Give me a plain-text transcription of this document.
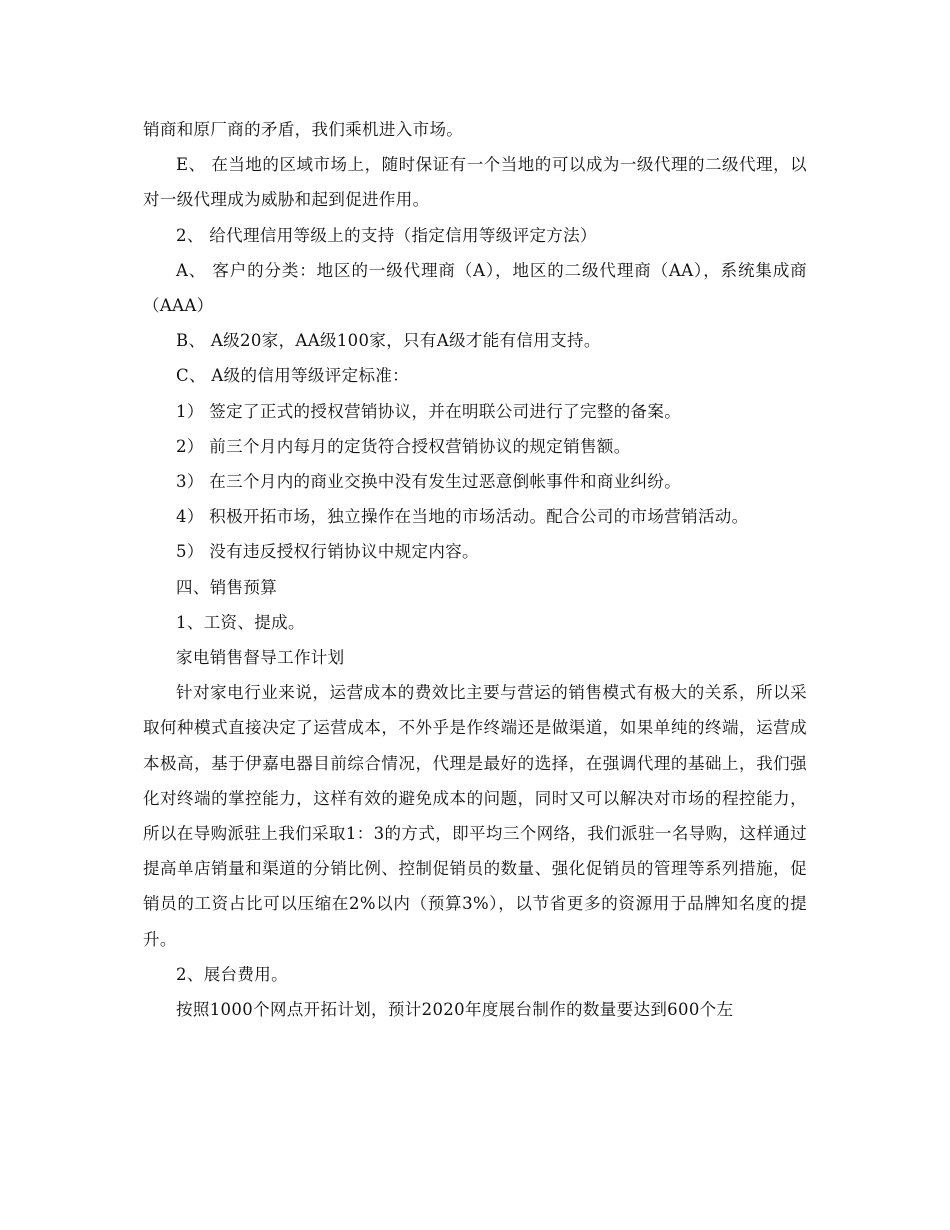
销商和原厂商的矛盾，我们乘机进入市场。

E、 在当地的区域市场上，随时保证有一个当地的可以成为一级代理的二级代理，以对一级代理成为威胁和起到促进作用。

2、 给代理信用等级上的支持（指定信用等级评定方法）

A、 客户的分类：地区的一级代理商（A），地区的二级代理商（AA），系统集成商（AAA）

B、 A级20家，AA级100家，只有A级才能有信用支持。

C、 A级的信用等级评定标准：

1） 签定了正式的授权营销协议，并在明联公司进行了完整的备案。

2） 前三个月内每月的定货符合授权营销协议的规定销售额。

3） 在三个月内的商业交换中没有发生过恶意倒帐事件和商业纠纷。

4） 积极开拓市场，独立操作在当地的市场活动。配合公司的市场营销活动。

5） 没有违反授权行销协议中规定内容。

四、销售预算

1、工资、提成。

家电销售督导工作计划

针对家电行业来说，运营成本的费效比主要与营运的销售模式有极大的关系，所以采取何种模式直接决定了运营成本，不外乎是作终端还是做渠道，如果单纯的终端，运营成本极高，基于伊嘉电器目前综合情况，代理是最好的选择，在强调代理的基础上，我们强化对终端的掌控能力，这样有效的避免成本的问题，同时又可以解决对市场的程控能力，所以在导购派驻上我们采取1：3的方式，即平均三个网络，我们派驻一名导购，这样通过提高单店销量和渠道的分销比例、控制促销员的数量、强化促销员的管理等系列措施，促销员的工资占比可以压缩在2%以内（预算3%），以节省更多的资源用于品牌知名度的提升。

2、展台费用。

按照1000个网点开拓计划，预计2020年度展台制作的数量要达到600个左
